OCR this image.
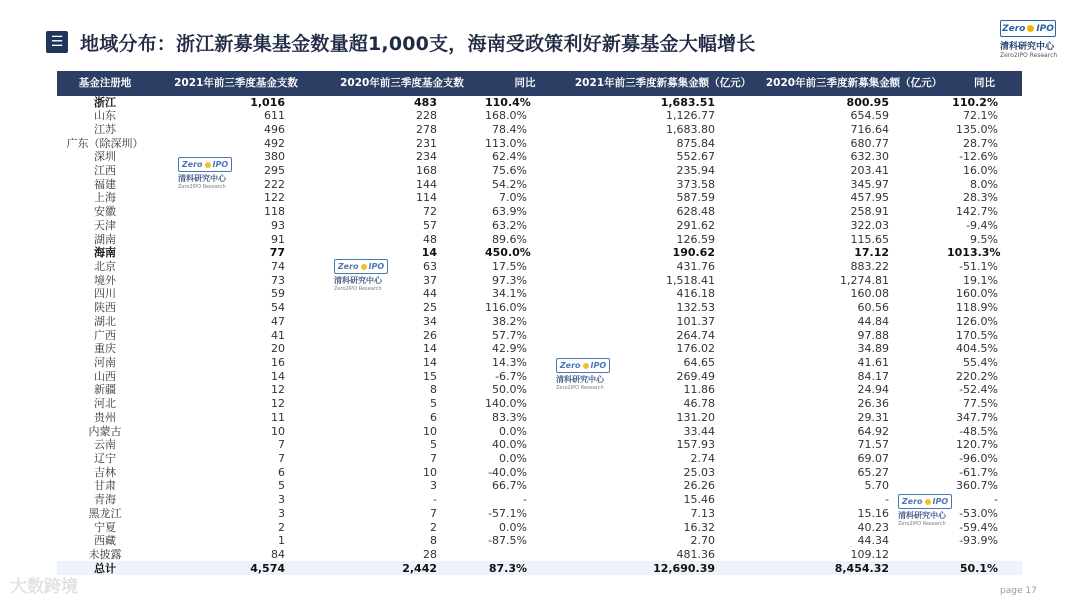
☰ 地域分布：浙江新募集基金数量超1,000支，海南受政策利好新募基金大幅增长
Zero IPO
清科研究中心
Zero2IPO Research
基金注册地	2021年前三季度基金支数	2020年前三季度基金支数	同比	2021年前三季度新募集金额（亿元）	2020年前三季度新募集金额（亿元）	同比
浙江	1,016	483	110.4%	1,683.51	800.95	110.2%
山东	611	228	168.0%	1,126.77	654.59	72.1%
江苏	496	278	78.4%	1,683.80	716.64	135.0%
广东（除深圳）	492	231	113.0%	875.84	680.77	28.7%
深圳	380	234	62.4%	552.67	632.30	-12.6%
江西	295	168	75.6%	235.94	203.41	16.0%
福建	222	144	54.2%	373.58	345.97	8.0%
上海	122	114	7.0%	587.59	457.95	28.3%
安徽	118	72	63.9%	628.48	258.91	142.7%
天津	93	57	63.2%	291.62	322.03	-9.4%
湖南	91	48	89.6%	126.59	115.65	9.5%
海南	77	14	450.0%	190.62	17.12	1013.3%
北京	74	63	17.5%	431.76	883.22	-51.1%
境外	73	37	97.3%	1,518.41	1,274.81	19.1%
四川	59	44	34.1%	416.18	160.08	160.0%
陕西	54	25	116.0%	132.53	60.56	118.9%
湖北	47	34	38.2%	101.37	44.84	126.0%
广西	41	26	57.7%	264.74	97.88	170.5%
重庆	20	14	42.9%	176.02	34.89	404.5%
河南	16	14	14.3%	64.65	41.61	55.4%
山西	14	15	-6.7%	269.49	84.17	220.2%
新疆	12	8	50.0%	11.86	24.94	-52.4%
河北	12	5	140.0%	46.78	26.36	77.5%
贵州	11	6	83.3%	131.20	29.31	347.7%
内蒙古	10	10	0.0%	33.44	64.92	-48.5%
云南	7	5	40.0%	157.93	71.57	120.7%
辽宁	7	7	0.0%	2.74	69.07	-96.0%
吉林	6	10	-40.0%	25.03	65.27	-61.7%
甘肃	5	3	66.7%	26.26	5.70	360.7%
青海	3	-	-	15.46	-	-
黑龙江	3	7	-57.1%	7.13	15.16	-53.0%
宁夏	2	2	0.0%	16.32	40.23	-59.4%
西藏	1	8	-87.5%	2.70	44.34	-93.9%
未披露	84	28		481.36	109.12	
总计	4,574	2,442	87.3%	12,690.39	8,454.32	50.1%
Zero IPO
清科研究中心
Zero2IPO Research
Zero IPO
清科研究中心
Zero2IPO Research
Zero IPO
清科研究中心
Zero2IPO Research
Zero IPO
清科研究中心
Zero2IPO Research
大数跨境	page 17
